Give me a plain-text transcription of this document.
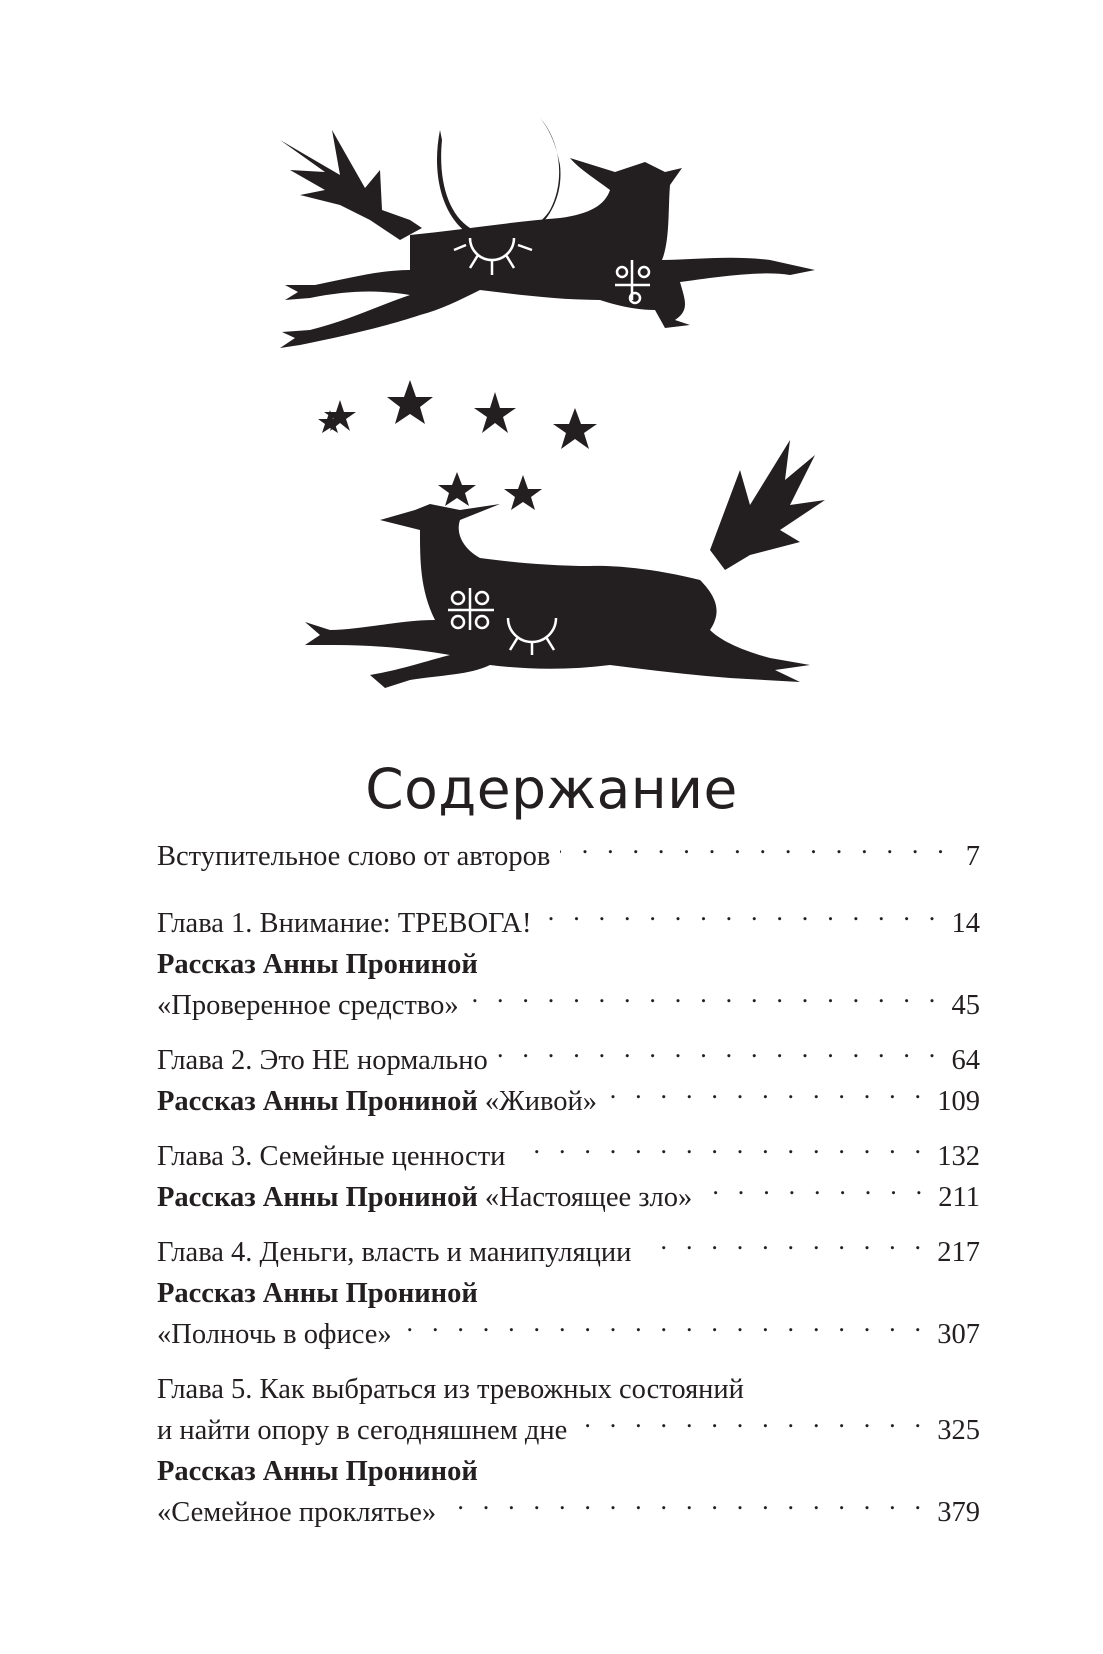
Содержание
Вступительное слово от авторов . . .	7
Глава 1. Внимание: ТРЕВОГА! . . .	14
Рассказ Анны Прониной
«Проверенное средство» . . .	45
Глава 2. Это НЕ нормально . . .	64
Рассказ Анны Прониной «Живой» . . .	109
Глава 3. Семейные ценности . . .	132
Рассказ Анны Прониной «Настоящее зло» . . .	211
Глава 4. Деньги, власть и манипуляции . . .	217
Рассказ Анны Прониной
«Полночь в офисе» . . .	307
Глава 5. Как выбраться из тревожных состояний
и найти опору в сегодняшнем дне . . .	325
Рассказ Анны Прониной
«Семейное проклятье» . . .	379
